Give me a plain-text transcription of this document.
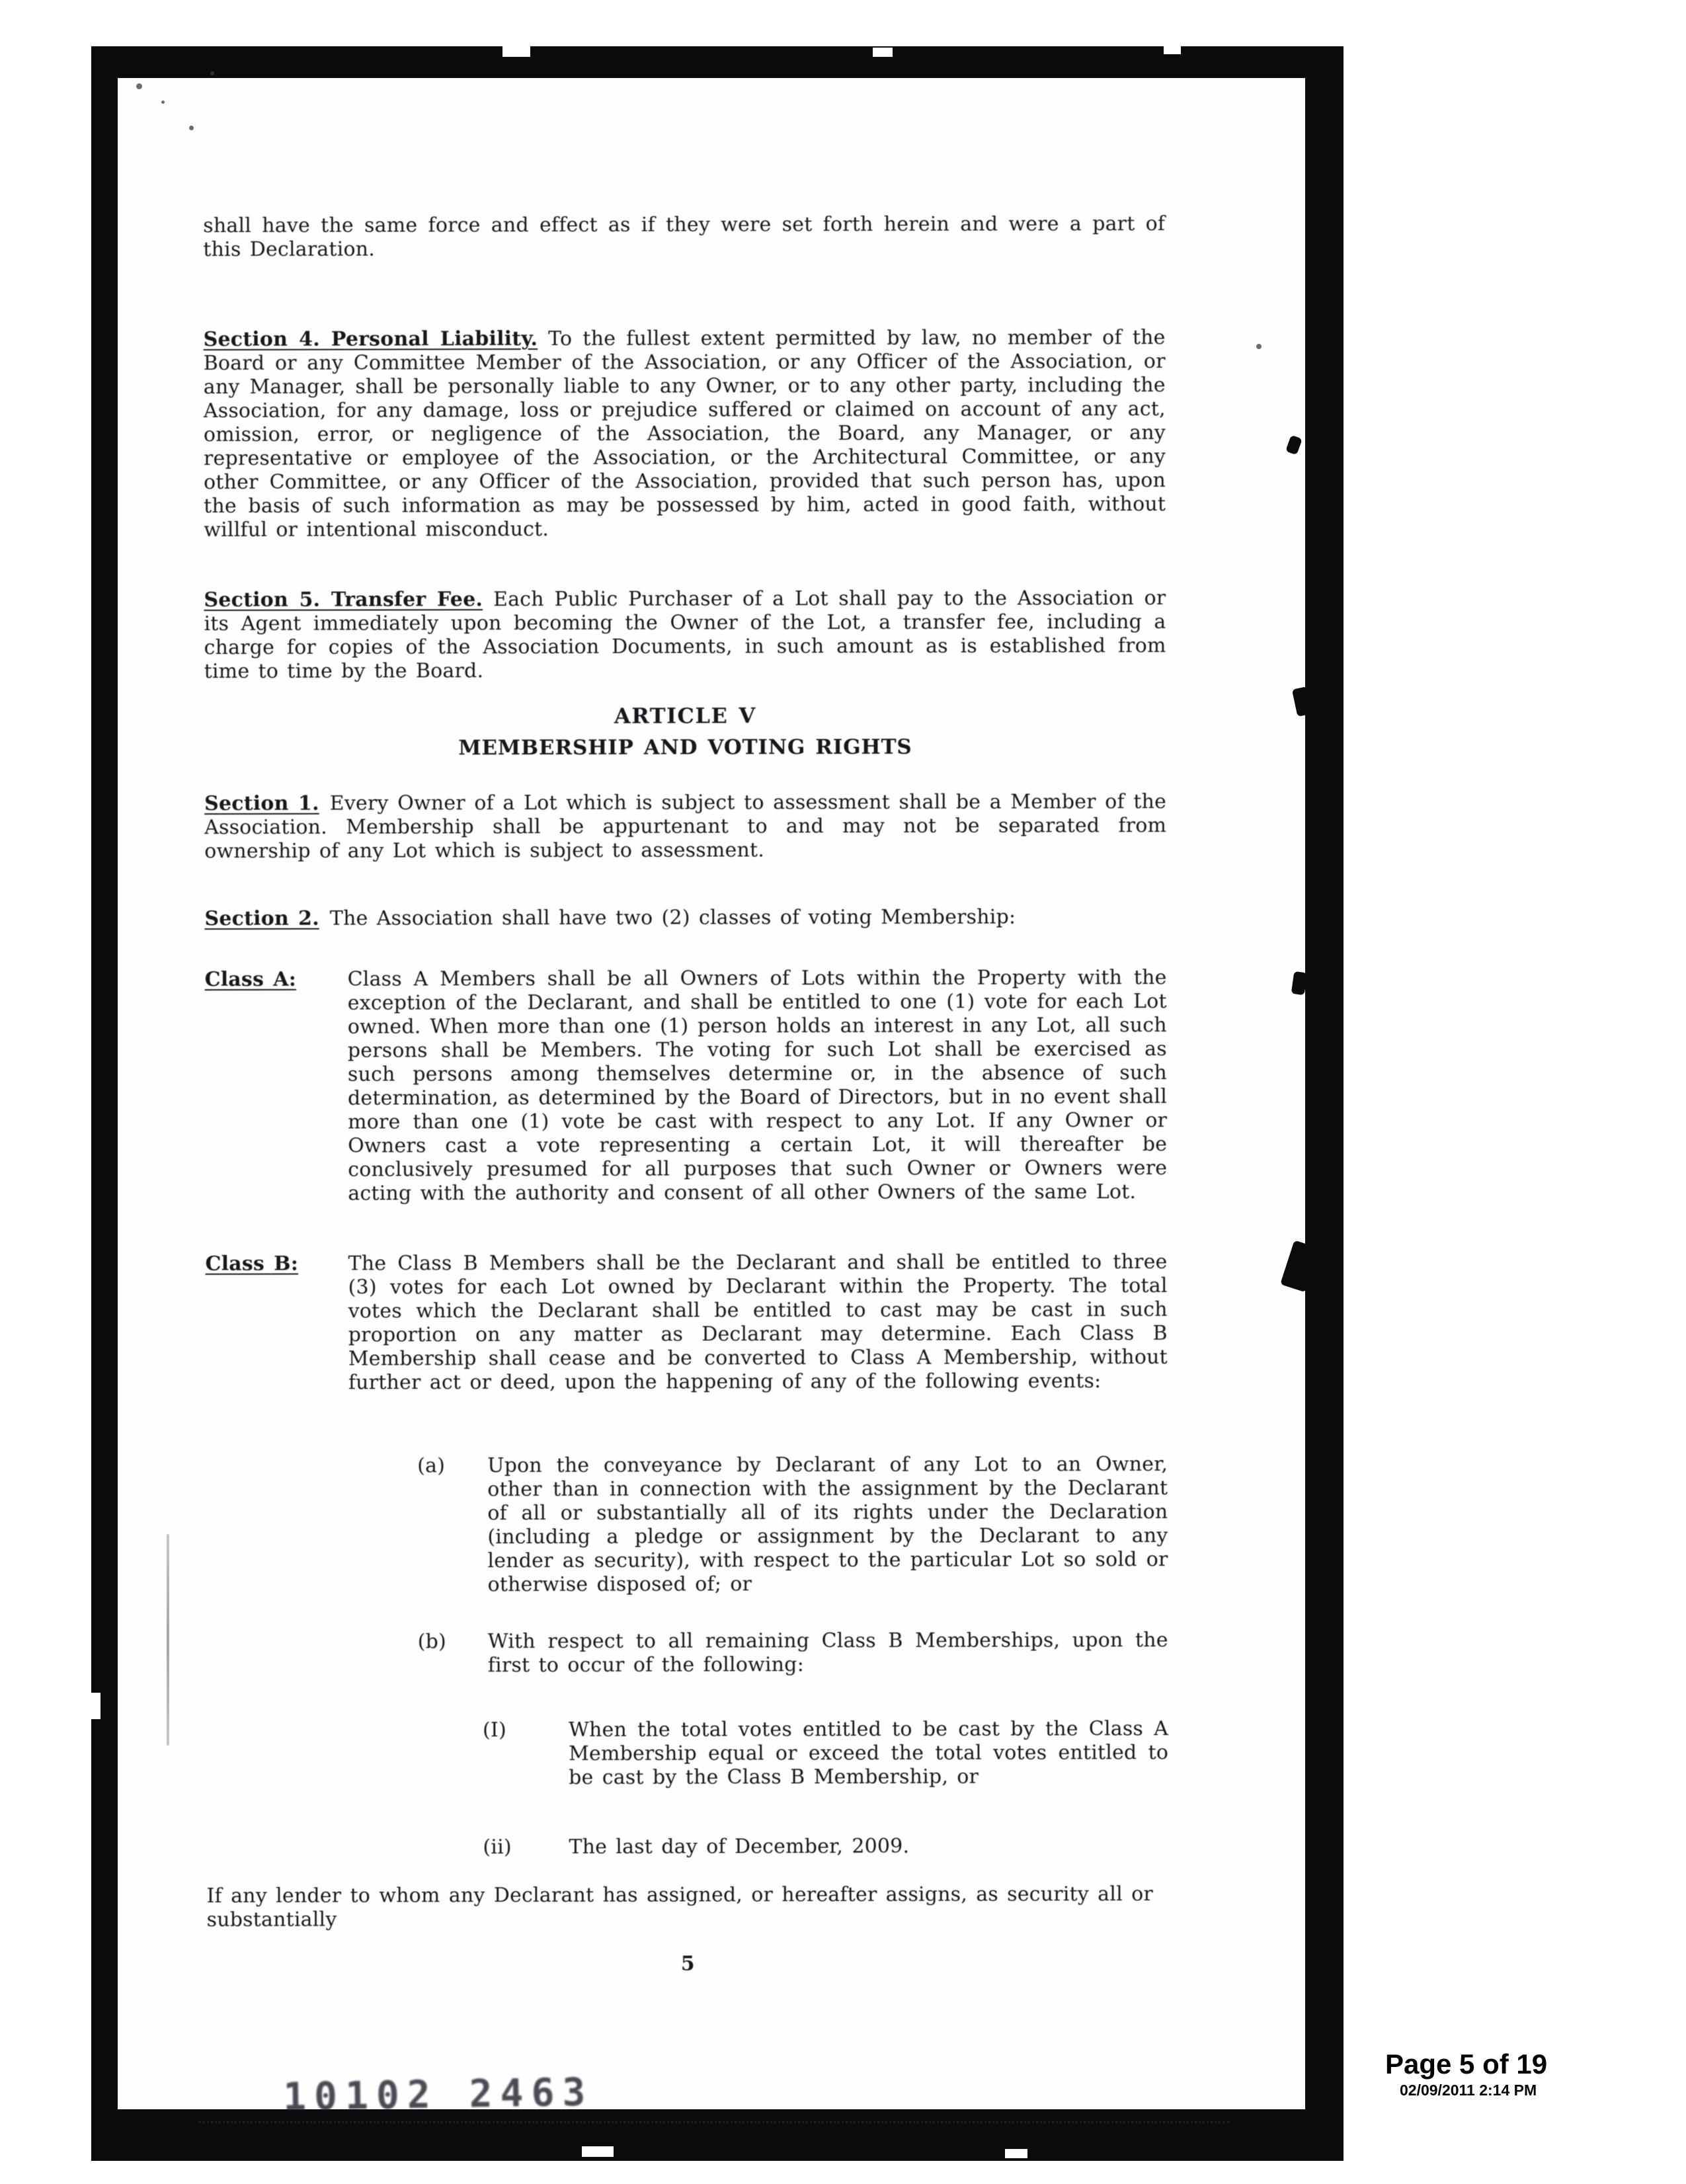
shall have the same force and effect as if they were set forth herein and were a part of this Declaration.

Section 4. Personal Liability. To the fullest extent permitted by law, no member of the Board or any Committee Member of the Association, or any Officer of the Association, or any Manager, shall be personally liable to any Owner, or to any other party, including the Association, for any damage, loss or prejudice suffered or claimed on account of any act, omission, error, or negligence of the Association, the Board, any Manager, or any representative or employee of the Association, or the Architectural Committee, or any other Committee, or any Officer of the Association, provided that such person has, upon the basis of such information as may be possessed by him, acted in good faith, without willful or intentional misconduct.

Section 5. Transfer Fee. Each Public Purchaser of a Lot shall pay to the Association or its Agent immediately upon becoming the Owner of the Lot, a transfer fee, including a charge for copies of the Association Documents, in such amount as is established from time to time by the Board.

ARTICLE V
MEMBERSHIP AND VOTING RIGHTS

Section 1. Every Owner of a Lot which is subject to assessment shall be a Member of the Association. Membership shall be appurtenant to and may not be separated from ownership of any Lot which is subject to assessment.

Section 2. The Association shall have two (2) classes of voting Membership:

Class A:	Class A Members shall be all Owners of Lots within the Property with the exception of the Declarant, and shall be entitled to one (1) vote for each Lot owned. When more than one (1) person holds an interest in any Lot, all such persons shall be Members. The voting for such Lot shall be exercised as such persons among themselves determine or, in the absence of such determination, as determined by the Board of Directors, but in no event shall more than one (1) vote be cast with respect to any Lot. If any Owner or Owners cast a vote representing a certain Lot, it will thereafter be conclusively presumed for all purposes that such Owner or Owners were acting with the authority and consent of all other Owners of the same Lot.

Class B:	The Class B Members shall be the Declarant and shall be entitled to three (3) votes for each Lot owned by Declarant within the Property. The total votes which the Declarant shall be entitled to cast may be cast in such proportion on any matter as Declarant may determine. Each Class B Membership shall cease and be converted to Class A Membership, without further act or deed, upon the happening of any of the following events:

(a)	Upon the conveyance by Declarant of any Lot to an Owner, other than in connection with the assignment by the Declarant of all or substantially all of its rights under the Declaration (including a pledge or assignment by the Declarant to any lender as security), with respect to the particular Lot so sold or otherwise disposed of; or

(b)	With respect to all remaining Class B Memberships, upon the first to occur of the following:

(I)	When the total votes entitled to be cast by the Class A Membership equal or exceed the total votes entitled to be cast by the Class B Membership, or

(ii)	The last day of December, 2009.

If any lender to whom any Declarant has assigned, or hereafter assigns, as security all or substantially

5

10102 2463
Page 5 of 19
02/09/2011 2:14 PM
